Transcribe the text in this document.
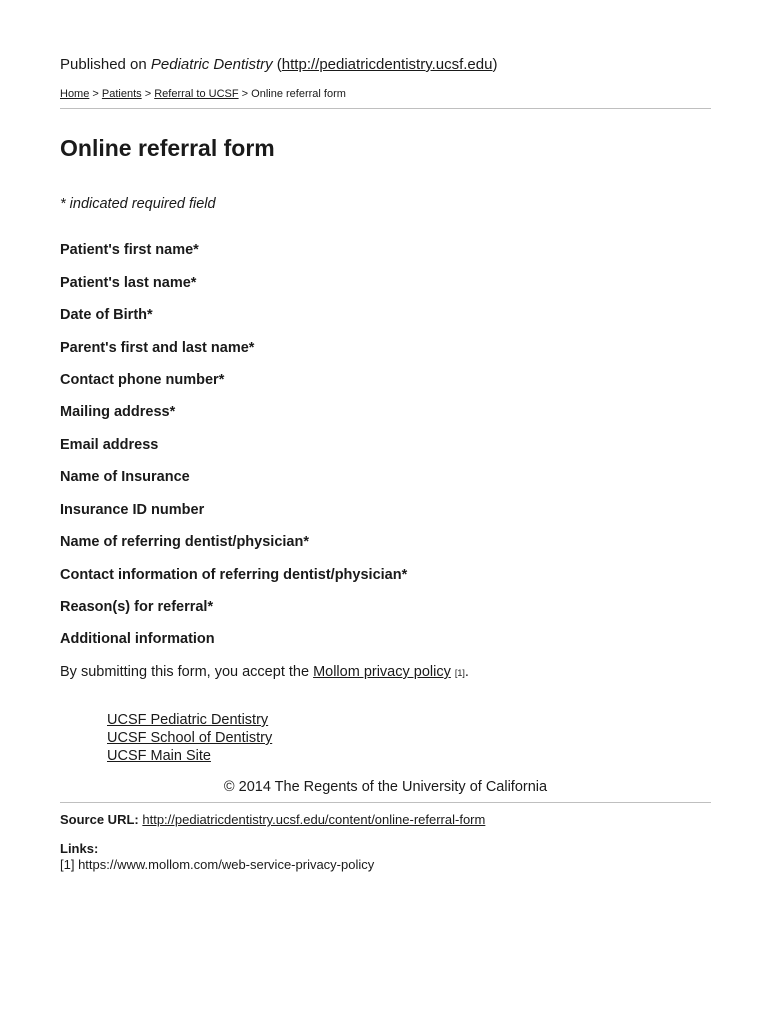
Published on Pediatric Dentistry (http://pediatricdentistry.ucsf.edu)
Home > Patients > Referral to UCSF > Online referral form
Online referral form
* indicated required field
Patient's first name*
Patient's last name*
Date of Birth*
Parent's first and last name*
Contact phone number*
Mailing address*
Email address
Name of Insurance
Insurance ID number
Name of referring dentist/physician*
Contact information of referring dentist/physician*
Reason(s) for referral*
Additional information
By submitting this form, you accept the Mollom privacy policy [1].
UCSF Pediatric Dentistry
UCSF School of Dentistry
UCSF Main Site
© 2014 The Regents of the University of California
Source URL: http://pediatricdentistry.ucsf.edu/content/online-referral-form
Links:
[1] https://www.mollom.com/web-service-privacy-policy
